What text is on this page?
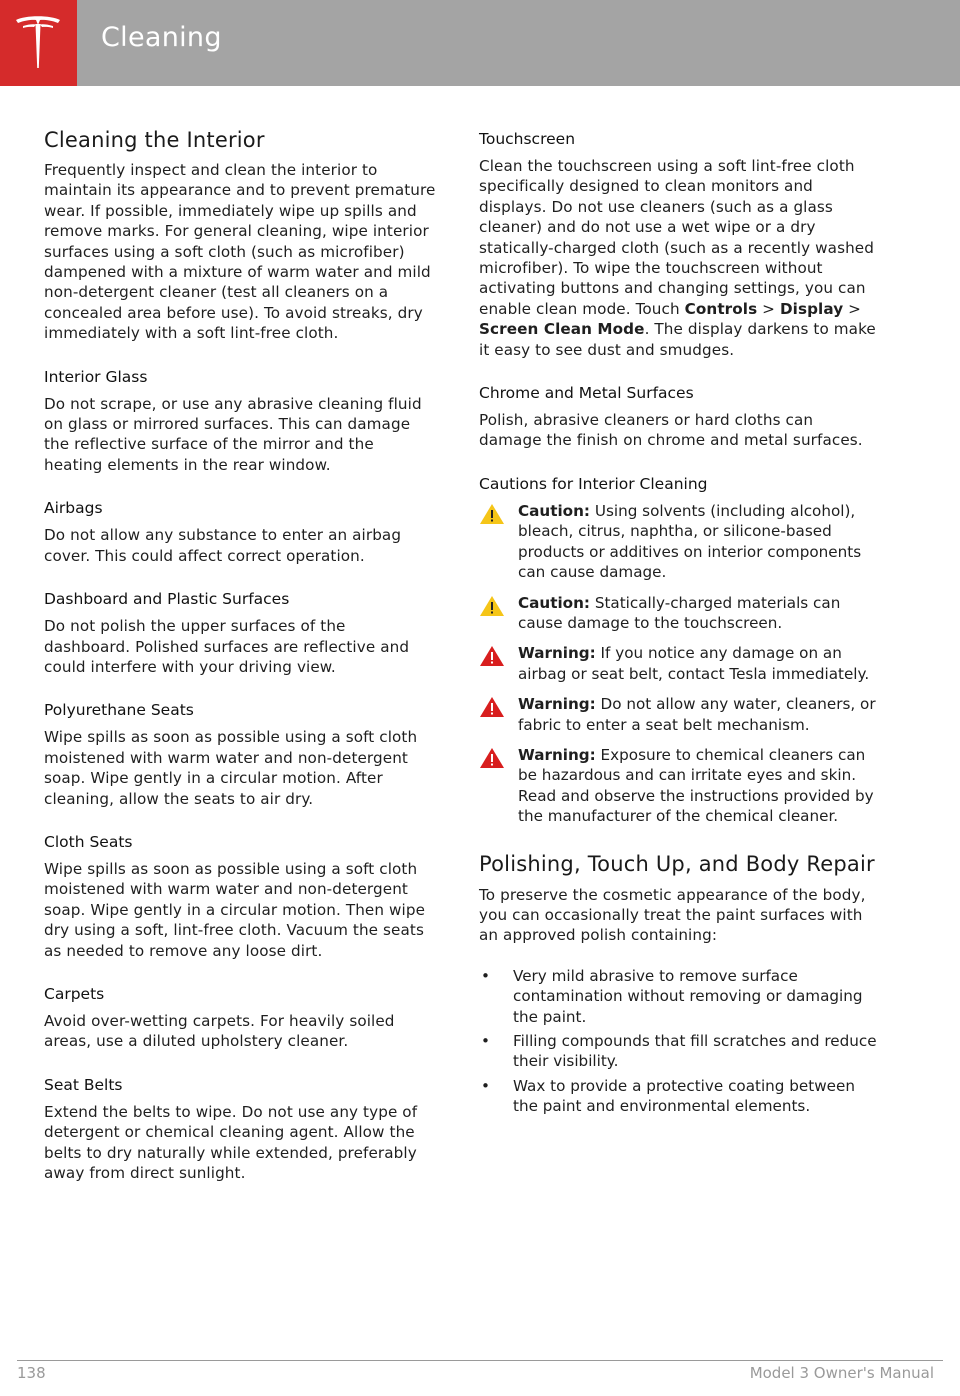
Cleaning
Cleaning the Interior

Frequently inspect and clean the interior to maintain its appearance and to prevent premature wear. If possible, immediately wipe up spills and remove marks. For general cleaning, wipe interior surfaces using a soft cloth (such as microfiber) dampened with a mixture of warm water and mild non-detergent cleaner (test all cleaners on a concealed area before use). To avoid streaks, dry immediately with a soft lint-free cloth.

Interior Glass

Do not scrape, or use any abrasive cleaning fluid on glass or mirrored surfaces. This can damage the reflective surface of the mirror and the heating elements in the rear window.

Airbags

Do not allow any substance to enter an airbag cover. This could affect correct operation.

Dashboard and Plastic Surfaces

Do not polish the upper surfaces of the dashboard. Polished surfaces are reflective and could interfere with your driving view.

Polyurethane Seats

Wipe spills as soon as possible using a soft cloth moistened with warm water and non-detergent soap. Wipe gently in a circular motion. After cleaning, allow the seats to air dry.

Cloth Seats

Wipe spills as soon as possible using a soft cloth moistened with warm water and non-detergent soap. Wipe gently in a circular motion. Then wipe dry using a soft, lint-free cloth. Vacuum the seats as needed to remove any loose dirt.

Carpets

Avoid over-wetting carpets. For heavily soiled areas, use a diluted upholstery cleaner.

Seat Belts

Extend the belts to wipe. Do not use any type of detergent or chemical cleaning agent. Allow the belts to dry naturally while extended, preferably away from direct sunlight.

Touchscreen

Clean the touchscreen using a soft lint-free cloth specifically designed to clean monitors and displays. Do not use cleaners (such as a glass cleaner) and do not use a wet wipe or a dry statically-charged cloth (such as a recently washed microfiber). To wipe the touchscreen without activating buttons and changing settings, you can enable clean mode. Touch Controls > Display > Screen Clean Mode. The display darkens to make it easy to see dust and smudges.

Chrome and Metal Surfaces

Polish, abrasive cleaners or hard cloths can damage the finish on chrome and metal surfaces.

Cautions for Interior Cleaning
Caution: Using solvents (including alcohol), bleach, citrus, naphtha, or silicone-based products or additives on interior components can cause damage.
Caution: Statically-charged materials can cause damage to the touchscreen.
Warning: If you notice any damage on an airbag or seat belt, contact Tesla immediately.
Warning: Do not allow any water, cleaners, or fabric to enter a seat belt mechanism.
Warning: Exposure to chemical cleaners can be hazardous and can irritate eyes and skin. Read and observe the instructions provided by the manufacturer of the chemical cleaner.
Polishing, Touch Up, and Body Repair

To preserve the cosmetic appearance of the body, you can occasionally treat the paint surfaces with an approved polish containing:

• Very mild abrasive to remove surface contamination without removing or damaging the paint.
• Filling compounds that fill scratches and reduce their visibility.
• Wax to provide a protective coating between the paint and environmental elements.
138	Model 3 Owner's Manual
